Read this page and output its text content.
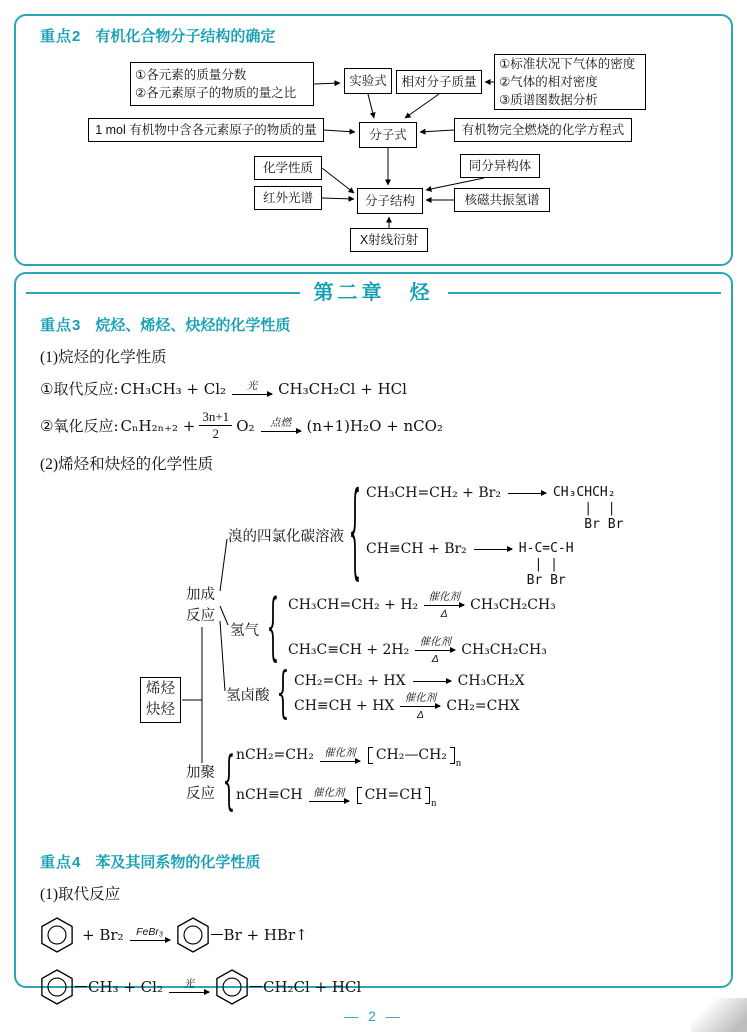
重点2 有机化合物分子结构的确定
①各元素的质量分数
②各元素原子的物质的量之比
实验式	相对分子质量
①标准状况下气体的密度
②气体的相对密度
③质谱图数据分析
1 mol 有机物中含各元素原子的物质的量	分子式	有机物完全燃烧的化学方程式
化学性质	同分异构体
红外光谱	分子结构	核磁共振氢谱
X射线衍射
第二章　烃
重点3 烷烃、烯烃、炔烃的化学性质

(1)烷烃的化学性质

①取代反应: CH₃CH₃ + Cl₂	光	CH₃CH₂Cl + HCl
②氧化反应: $C_nH_{2n+2} + \frac{3n+1}{2} O_2$	点燃	(n+1)H₂O + nCO₂

(2)烯烃和炔烃的化学性质

烯烃
炔烃
加成
反应
加聚
反应
溴的四氯化碳溶液
氢气
氢卤酸
{
{
{
{
CH₃CH=CH₂ + Br₂ → CH₃CHCH₂
|  |
Br Br
CH≡CH + Br₂ → H-C=C-H
| |
Br Br
CH₃CH=CH₂ + H₂
催化剂
Δ
CH₃CH₂CH₃
CH₃C≡CH + 2H₂
催化剂
Δ
CH₃CH₂CH₃
CH₂=CH₂ + HX → CH₃CH₂X
CH≡CH + HX
催化剂
Δ
CH₂=CHX
nCH₂=CH₂ 催化剂	CH₂—CH₂
$_n$
nCH≡CH 催化剂	CH=CH
$_n$
重点4 苯及其同系物的化学性质

(1)取代反应

+ Br₂	FeBr₃	Br + HBr↑
CH₃ + Cl₂	光	CH₂Cl + HCl
— 2 —
